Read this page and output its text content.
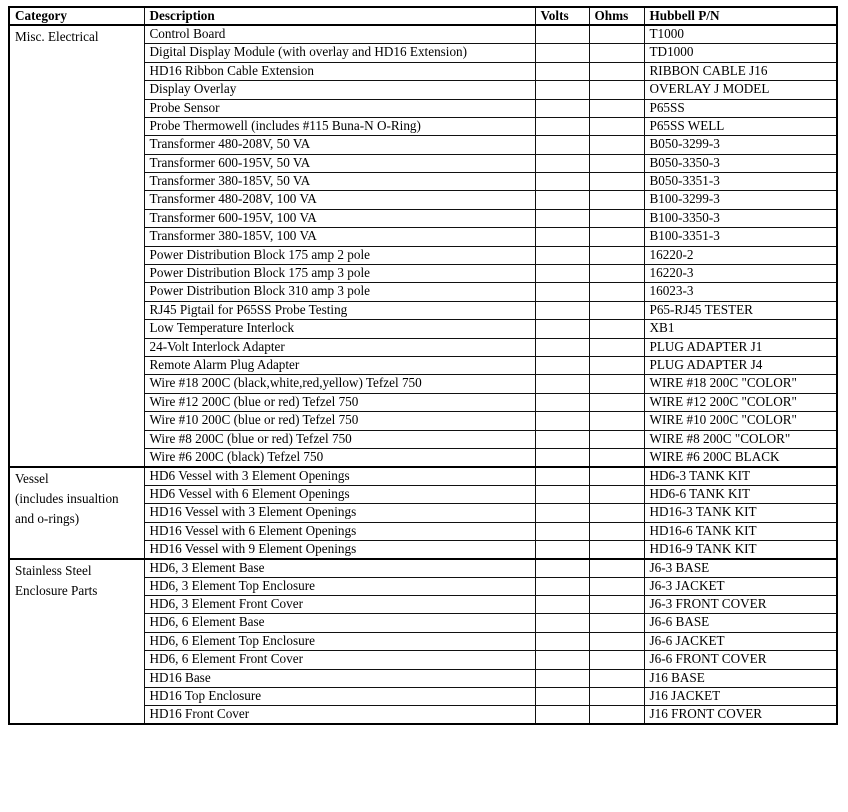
Category	Description	Volts	Ohms	Hubbell P/N

Misc. Electrical	Control Board			T1000
	Digital Display Module (with overlay and HD16 Extension)			TD1000
	HD16 Ribbon Cable Extension			RIBBON CABLE J16
	Display Overlay			OVERLAY J MODEL
	Probe Sensor			P65SS
	Probe Thermowell (includes #115 Buna-N O-Ring)			P65SS WELL
	Transformer 480-208V, 50 VA			B050-3299-3
	Transformer 600-195V, 50 VA			B050-3350-3
	Transformer 380-185V, 50 VA			B050-3351-3
	Transformer 480-208V, 100 VA			B100-3299-3
	Transformer 600-195V, 100 VA			B100-3350-3
	Transformer 380-185V, 100 VA			B100-3351-3
	Power Distribution Block 175 amp 2 pole			16220-2
	Power Distribution Block 175 amp 3 pole			16220-3
	Power Distribution Block 310 amp 3 pole			16023-3
	RJ45 Pigtail for P65SS Probe Testing			P65-RJ45 TESTER
	Low Temperature Interlock			XB1
	24-Volt Interlock Adapter			PLUG ADAPTER J1
	Remote Alarm Plug Adapter			PLUG ADAPTER J4
	Wire #18 200C (black,white,red,yellow) Tefzel 750			WIRE #18 200C "COLOR"
	Wire #12 200C (blue or red) Tefzel 750			WIRE #12 200C "COLOR"
	Wire #10 200C (blue or red) Tefzel 750			WIRE #10 200C "COLOR"
	Wire #8 200C (blue or red) Tefzel 750			WIRE #8 200C "COLOR"
	Wire #6 200C (black) Tefzel 750			WIRE #6 200C BLACK

Vessel
(includes insualtion
and o-rings)	HD6 Vessel with 3 Element Openings			HD6-3 TANK KIT
	HD6 Vessel with 6 Element Openings			HD6-6 TANK KIT
	HD16 Vessel with 3 Element Openings			HD16-3 TANK KIT
	HD16 Vessel with 6 Element Openings			HD16-6 TANK KIT
	HD16 Vessel with 9 Element Openings			HD16-9 TANK KIT

Stainless Steel
Enclosure Parts	HD6, 3 Element Base			J6-3 BASE
	HD6, 3 Element Top Enclosure			J6-3 JACKET
	HD6, 3 Element Front Cover			J6-3 FRONT COVER
	HD6, 6 Element Base			J6-6 BASE
	HD6, 6 Element Top Enclosure			J6-6 JACKET
	HD6, 6 Element Front Cover			J6-6 FRONT COVER
	HD16 Base			J16 BASE
	HD16 Top Enclosure			J16 JACKET
	HD16 Front Cover			J16 FRONT COVER
